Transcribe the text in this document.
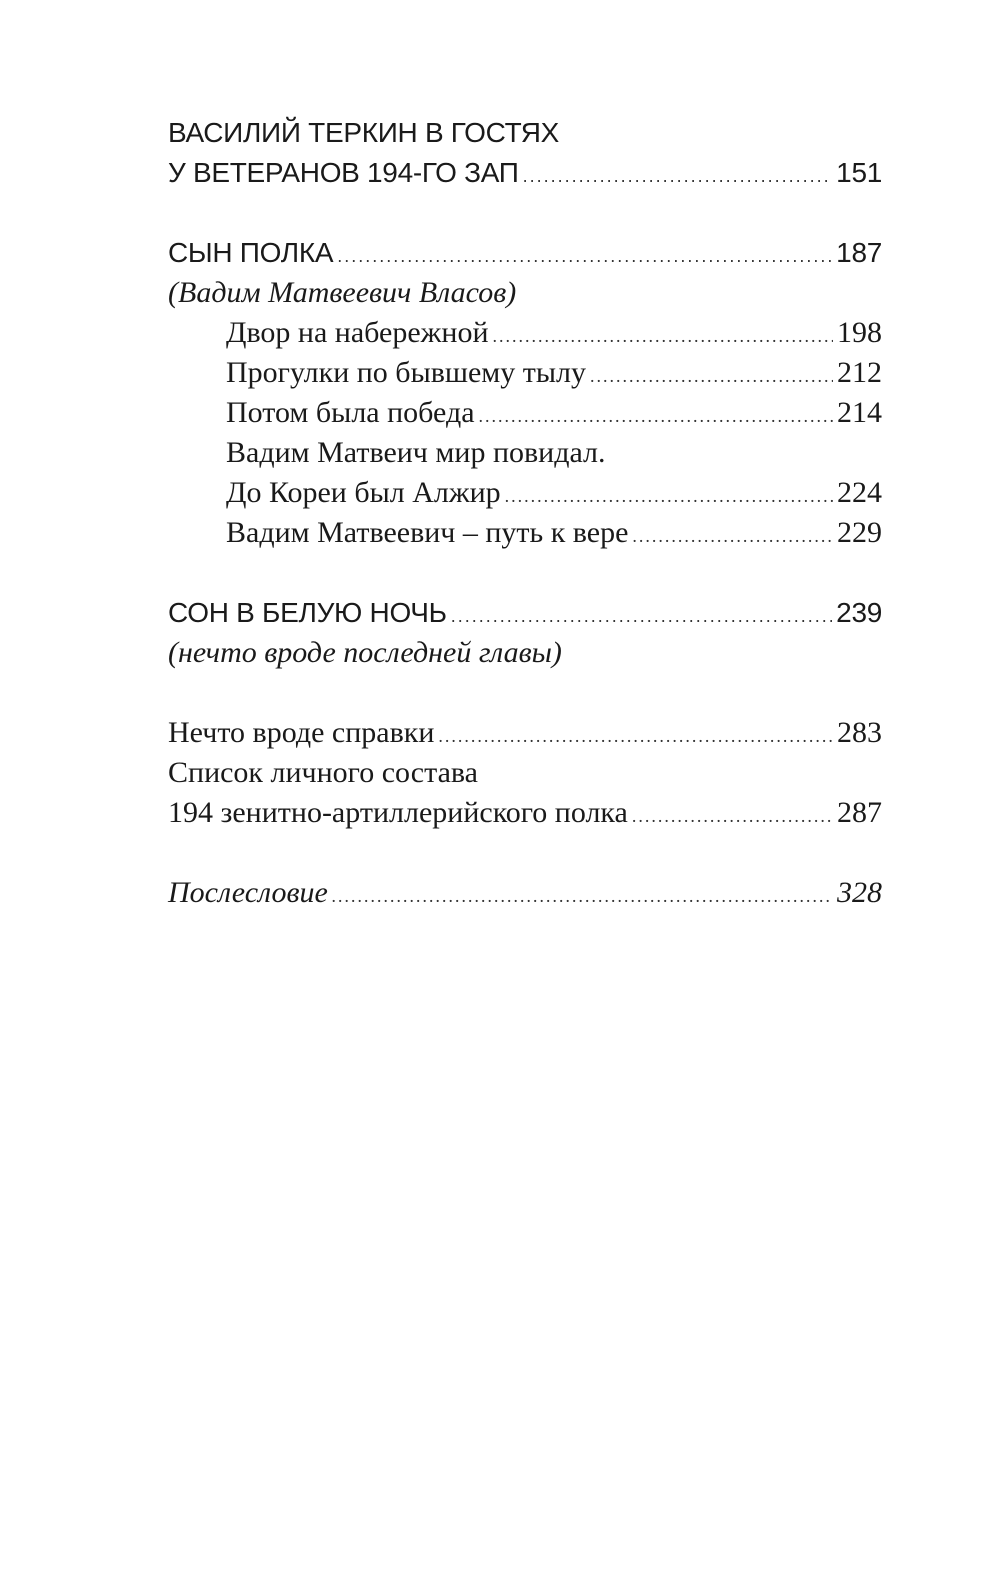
ВАСИЛИЙ ТЕРКИН В ГОСТЯХ
У ВЕТЕРАНОВ 194-ГО ЗАП .....	151
СЫН ПОЛКА .....	187
(Вадим Матвеевич Власов)
Двор на набережной .....	198
Прогулки по бывшему тылу .....	212
Потом была победа .....	214
Вадим Матвеич мир повидал.
До Кореи был Алжир .....	224
Вадим Матвеевич – путь к вере .....	229
СОН В БЕЛУЮ НОЧЬ .....	239
(нечто вроде последней главы)
Нечто вроде справки .....	283
Список личного состава
194 зенитно-артиллерийского полка .....	287
Послесловие .....	328
